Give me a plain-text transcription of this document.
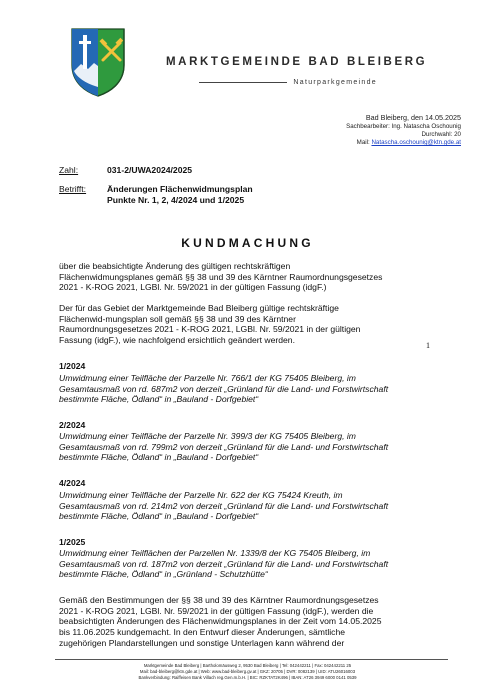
MARKTGEMEINDE BAD BLEIBERG
Naturparkgemeinde
Bad Bleiberg, den 14.05.2025
Sachbearbeiter: Ing. Natascha Oschounig
Durchwahl: 20
Mail: Natascha.oschounig@ktn.gde.at
Zahl:	031-2/UWA2024/2025
Betrifft:	Änderungen Flächenwidmungsplan
Punkte Nr. 1, 2, 4/2024 und 1/2025
KUNDMACHUNG
über die beabsichtigte Änderung des gültigen rechtskräftigen
Flächenwidmungsplanes gemäß §§ 38 und 39 des Kärntner Raumordnungsgesetzes
2021 - K-ROG 2021, LGBl. Nr. 59/2021 in der gültigen Fassung (idgF.)
Der für das Gebiet der Marktgemeinde Bad Bleiberg gültige rechtskräftige
Flächenwid-mungsplan soll gemäß §§ 38 und 39 des Kärntner
Raumordnungsgesetzes 2021 - K-ROG 2021, LGBl. Nr. 59/2021 in der gültigen
Fassung (idgF.), wie nachfolgend ersichtlich geändert werden.
1
1/2024
Umwidmung einer Teilfläche der Parzelle Nr. 766/1 der KG 75405 Bleiberg, im
Gesamtausmaß von rd. 687m2 von derzeit „Grünland für die Land- und Forstwirtschaft
bestimmte Fläche, Ödland“ in „Bauland - Dorfgebiet“
2/2024
Umwidmung einer Teilfläche der Parzelle Nr. 399/3 der KG 75405 Bleiberg, im
Gesamtausmaß von rd. 799m2 von derzeit „Grünland für die Land- und Forstwirtschaft
bestimmte Fläche, Ödland“ in „Bauland - Dorfgebiet“
4/2024
Umwidmung einer Teilfläche der Parzelle Nr. 622 der KG 75424 Kreuth, im
Gesamtausmaß von rd. 214m2 von derzeit „Grünland für die Land- und Forstwirtschaft
bestimmte Fläche, Ödland“ in „Bauland - Dorfgebiet“
1/2025
Umwidmung einer Teilflächen der Parzellen Nr. 1339/8 der KG 75405 Bleiberg, im
Gesamtausmaß von rd. 187m2 von derzeit „Grünland für die Land- und Forstwirtschaft
bestimmte Fläche, Ödland“ in „Grünland - Schutzhütte“
Gemäß den Bestimmungen der §§ 38 und 39 des Kärntner Raumordnungsgesetzes
2021 - K-ROG 2021, LGBl. Nr. 59/2021 in der gültigen Fassung (idgF.), werden die
beabsichtigten Änderungen des Flächenwidmungsplanes in der Zeit vom 14.05.2025
bis 11.06.2025 kundgemacht. In den Entwurf dieser Änderungen, sämtliche
zugehörigen Plandarstellungen und sonstige Unterlagen kann während der
Marktgemeinde Bad Bleiberg | Bartholomäusweg 2, 9530 Bad Bleiberg | Tel: 042442211 | Fax: 042442211 25
Mail: bad-bleiberg@ktn.gde.at | Web: www.bad-bleiberg.gv.at | GKZ: 20705 | DVR: 0082139 | UID: ATU26016003
Bankverbindung: Raiffeisen Bank Villach reg.Gen.m.b.H. | BIC: RZKTAT2K496 | IBAN: AT26 3949 6000 0141 0539
